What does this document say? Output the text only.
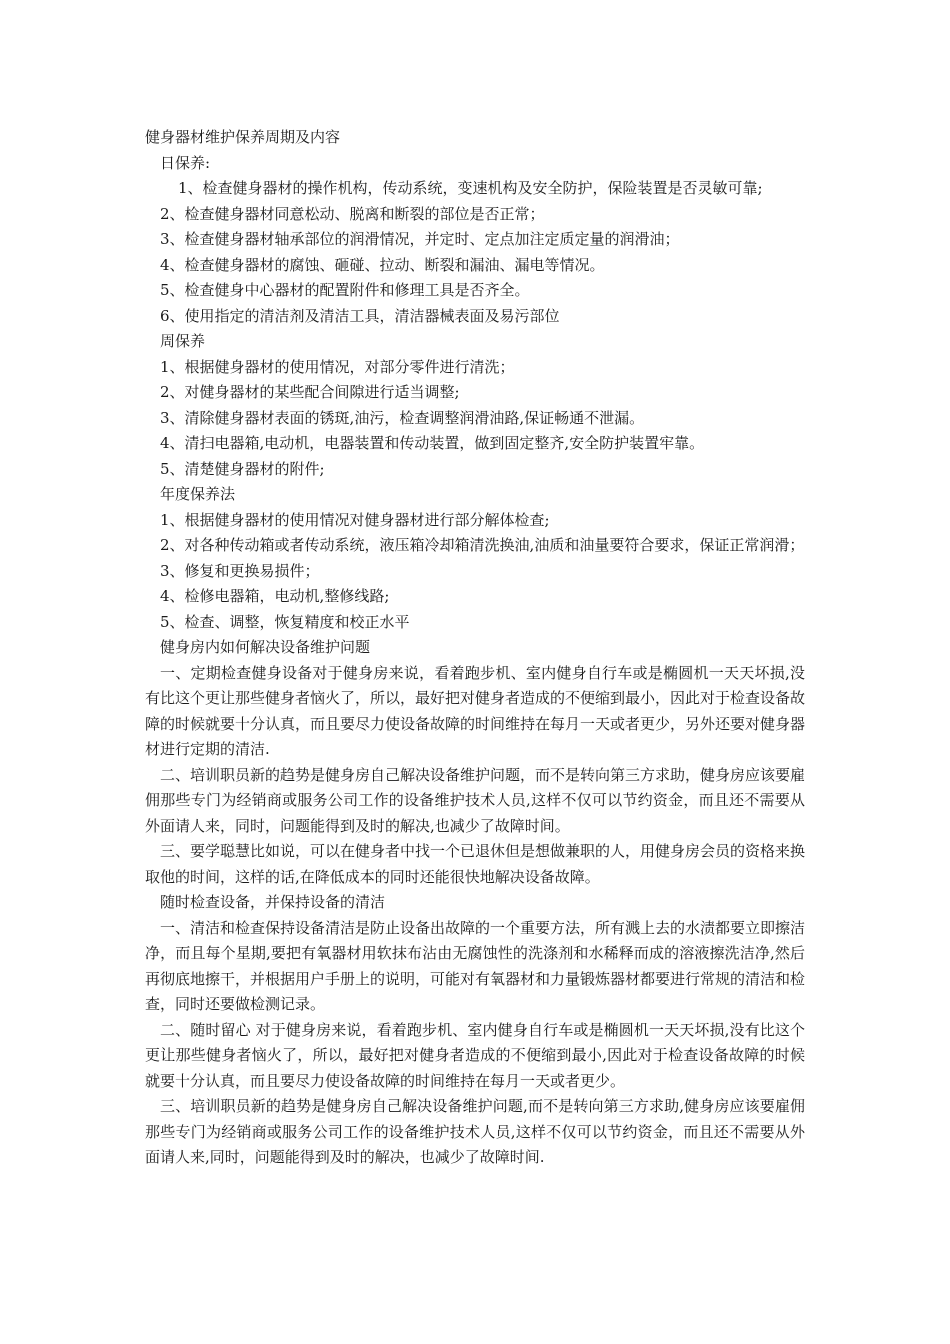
健身器材维护保养周期及内容

日保养:

1、检查健身器材的操作机构，传动系统，变速机构及安全防护，保险装置是否灵敏可靠;

2、检查健身器材同意松动、脱离和断裂的部位是否正常；

3、检查健身器材轴承部位的润滑情况，并定时、定点加注定质定量的润滑油；

4、检查健身器材的腐蚀、砸碰、拉动、断裂和漏油、漏电等情况。

5、检查健身中心器材的配置附件和修理工具是否齐全。

6、使用指定的清洁剂及清洁工具，清洁器械表面及易污部位

周保养

1、根据健身器材的使用情况，对部分零件进行清洗；

2、对健身器材的某些配合间隙进行适当调整;

3、清除健身器材表面的锈斑,油污，检查调整润滑油路,保证畅通不泄漏。

4、清扫电器箱,电动机，电器装置和传动装置，做到固定整齐,安全防护装置牢靠。

5、清楚健身器材的附件;

年度保养法

1、根据健身器材的使用情况对健身器材进行部分解体检查;

2、对各种传动箱或者传动系统，液压箱冷却箱清洗换油,油质和油量要符合要求，保证正常润滑；

3、修复和更换易损件；

4、检修电器箱，电动机,整修线路;

5、检查、调整，恢复精度和校正水平

健身房内如何解决设备维护问题

一、定期检查健身设备对于健身房来说，看着跑步机、室内健身自行车或是椭圆机一天天坏损,没有比这个更让那些健身者恼火了，所以，最好把对健身者造成的不便缩到最小，因此对于检查设备故障的时候就要十分认真，而且要尽力使设备故障的时间维持在每月一天或者更少，另外还要对健身器材进行定期的清洁.

二、培训职员新的趋势是健身房自己解决设备维护问题，而不是转向第三方求助，健身房应该要雇佣那些专门为经销商或服务公司工作的设备维护技术人员,这样不仅可以节约资金，而且还不需要从外面请人来，同时，问题能得到及时的解决,也减少了故障时间。

三、要学聪慧比如说，可以在健身者中找一个已退休但是想做兼职的人，用健身房会员的资格来换取他的时间，这样的话,在降低成本的同时还能很快地解决设备故障。

随时检查设备，并保持设备的清洁

一、清洁和检查保持设备清洁是防止设备出故障的一个重要方法，所有溅上去的水渍都要立即擦洁净，而且每个星期,要把有氧器材用软抹布沾由无腐蚀性的洗涤剂和水稀释而成的溶液擦洗洁净,然后再彻底地擦干，并根据用户手册上的说明，可能对有氧器材和力量锻炼器材都要进行常规的清洁和检查，同时还要做检测记录。

二、随时留心 对于健身房来说，看着跑步机、室内健身自行车或是椭圆机一天天坏损,没有比这个更让那些健身者恼火了，所以，最好把对健身者造成的不便缩到最小,因此对于检查设备故障的时候就要十分认真，而且要尽力使设备故障的时间维持在每月一天或者更少。

三、培训职员新的趋势是健身房自己解决设备维护问题,而不是转向第三方求助,健身房应该要雇佣那些专门为经销商或服务公司工作的设备维护技术人员,这样不仅可以节约资金，而且还不需要从外面请人来,同时，问题能得到及时的解决，也减少了故障时间.
